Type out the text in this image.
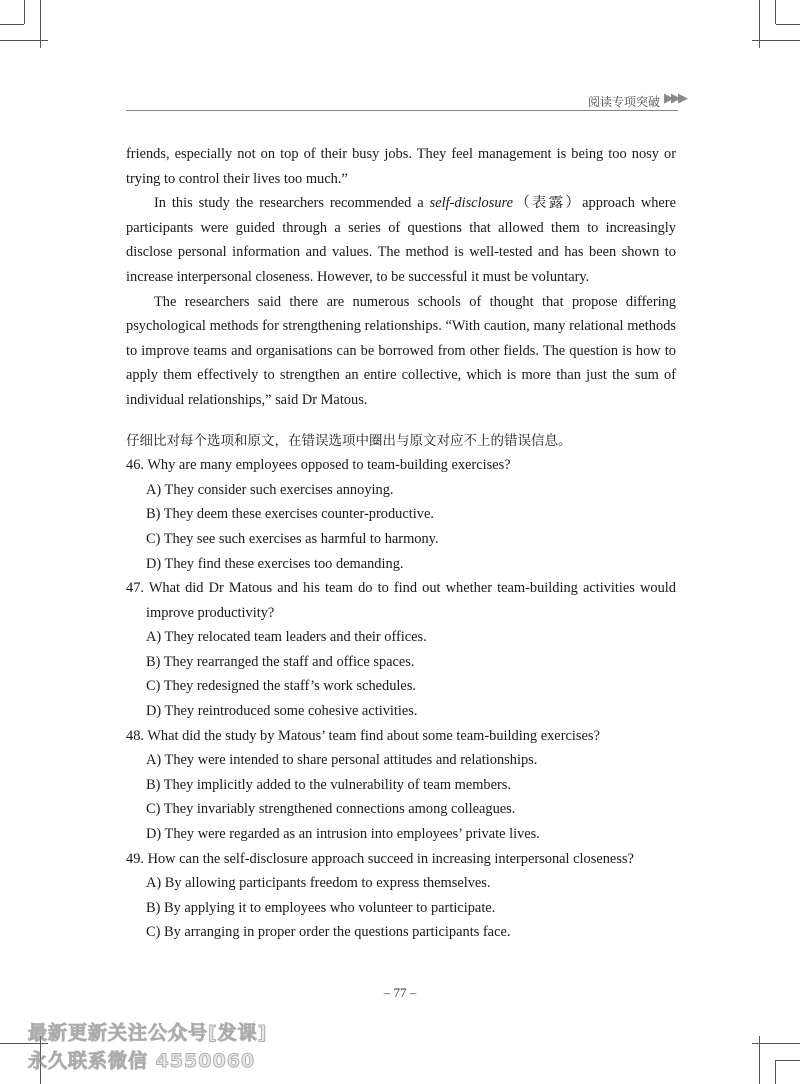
阅读专项突破 ▶▶▶

friends, especially not on top of their busy jobs. They feel management is being too nosy or trying to control their lives too much.”

In this study the researchers recommended a self-disclosure（表露）approach where participants were guided through a series of questions that allowed them to increasingly disclose personal information and values. The method is well-tested and has been shown to increase interpersonal closeness. However, to be successful it must be voluntary.

The researchers said there are numerous schools of thought that propose differing psychological methods for strengthening relationships. “With caution, many relational methods to improve teams and organisations can be borrowed from other fields. The question is how to apply them effectively to strengthen an entire collective, which is more than just the sum of individual relationships,” said Dr Matous.

仔细比对每个选项和原文，在错误选项中圈出与原文对应不上的错误信息。

46. Why are many employees opposed to team-building exercises?

A) They consider such exercises annoying.

B) They deem these exercises counter-productive.

C) They see such exercises as harmful to harmony.

D) They find these exercises too demanding.

47. What did Dr Matous and his team do to find out whether team-building activities would improve productivity?

A) They relocated team leaders and their offices.

B) They rearranged the staff and office spaces.

C) They redesigned the staff’s work schedules.

D) They reintroduced some cohesive activities.

48. What did the study by Matous’ team find about some team-building exercises?

A) They were intended to share personal attitudes and relationships.

B) They implicitly added to the vulnerability of team members.

C) They invariably strengthened connections among colleagues.

D) They were regarded as an intrusion into employees’ private lives.

49. How can the self-disclosure approach succeed in increasing interpersonal closeness?

A) By allowing participants freedom to express themselves.

B) By applying it to employees who volunteer to participate.

C) By arranging in proper order the questions participants face.

– 77 –
最新更新关注公众号[发课]
永久联系微信 4550060
